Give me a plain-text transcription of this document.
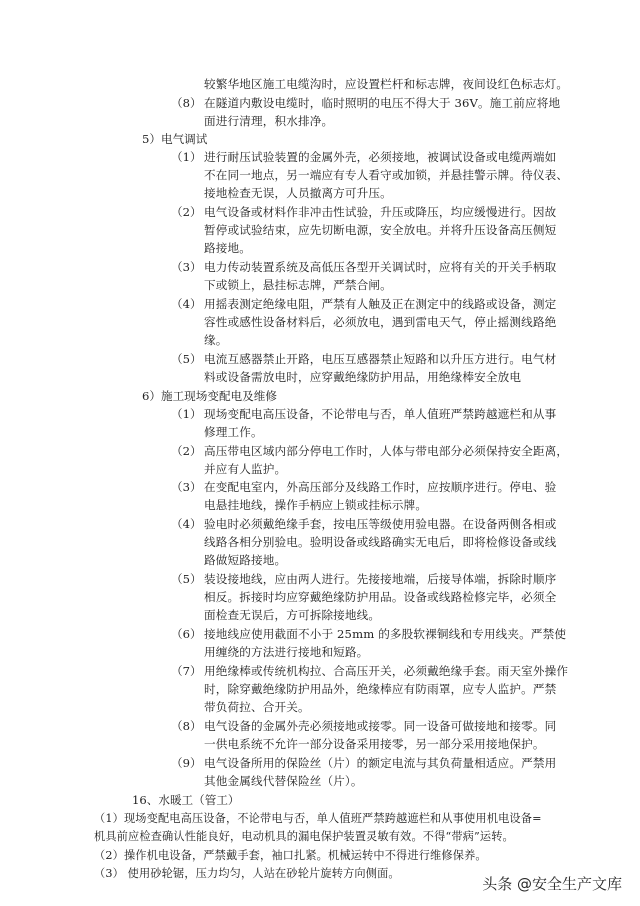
较繁华地区施工电缆沟时，应设置栏杆和标志牌，夜间设红色标志灯。
（8） 在隧道内敷设电缆时，临时照明的电压不得大于 36V。施工前应将地
面进行清理，积水排净。
5）电气调试
（1） 进行耐压试验装置的金属外壳，必须接地，被调试设备或电缆两端如
不在同一地点，另一端应有专人看守或加锁，并悬挂警示牌。待仪表、
接地检查无误，人员撤离方可升压。
（2） 电气设备或材料作非冲击性试验，升压或降压，均应缓慢进行。因故
暂停或试验结束，应先切断电源，安全放电。并将升压设备高压侧短
路接地。
（3） 电力传动装置系统及高低压各型开关调试时，应将有关的开关手柄取
下或锁上，悬挂标志牌，严禁合闸。
（4） 用摇表测定绝缘电阻，严禁有人触及正在测定中的线路或设备，测定
容性或感性设备材料后，必须放电，遇到雷电天气，停止摇测线路绝
缘。
（5） 电流互感器禁止开路，电压互感器禁止短路和以升压方进行。电气材
料或设备需放电时，应穿戴绝缘防护用品，用绝缘棒安全放电
6）施工现场变配电及维修
（1） 现场变配电高压设备，不论带电与否，单人值班严禁跨越遮栏和从事
修理工作。
（2） 高压带电区域内部分停电工作时，人体与带电部分必须保持安全距离，
并应有人监护。
（3） 在变配电室内，外高压部分及线路工作时，应按顺序进行。停电、验
电悬挂地线，操作手柄应上锁或挂标示牌。
（4） 验电时必须戴绝缘手套，按电压等级使用验电器。在设备两侧各相或
线路各相分别验电。验明设备或线路确实无电后，即将检修设备或线
路做短路接地。
（5） 装设接地线，应由两人进行。先接接地端，后接导体端，拆除时顺序
相反。拆接时均应穿戴绝缘防护用品。设备或线路检修完毕，必须全
面检查无误后，方可拆除接地线。
（6） 接地线应使用截面不小于 25mm 的多股软裸铜线和专用线夹。严禁使
用缠绕的方法进行接地和短路。
（7） 用绝缘棒或传统机构拉、合高压开关，必须戴绝缘手套。雨天室外操作
时，除穿戴绝缘防护用品外，绝缘棒应有防雨罩，应专人监护。严禁
带负荷拉、合开关。
（8） 电气设备的金属外壳必须接地或接零。同一设备可做接地和接零。同
一供电系统不允许一部分设备采用接零，另一部分采用接地保护。
（9） 电气设备所用的保险丝（片）的额定电流与其负荷量相适应。严禁用
其他金属线代替保险丝（片）。
16、水暖工（管工）
（1）现场变配电高压设备，不论带电与否，单人值班严禁跨越遮栏和从事使用机电设备=
机具前应检查确认性能良好，电动机具的漏电保护装置灵敏有效。不得“带病”运转。
（2）操作机电设备，严禁戴手套，袖口扎紧。机械运转中不得进行维修保养。
（3） 使用砂轮锯，压力均匀，人站在砂轮片旋转方向侧面。
头条 @安全生产文库
